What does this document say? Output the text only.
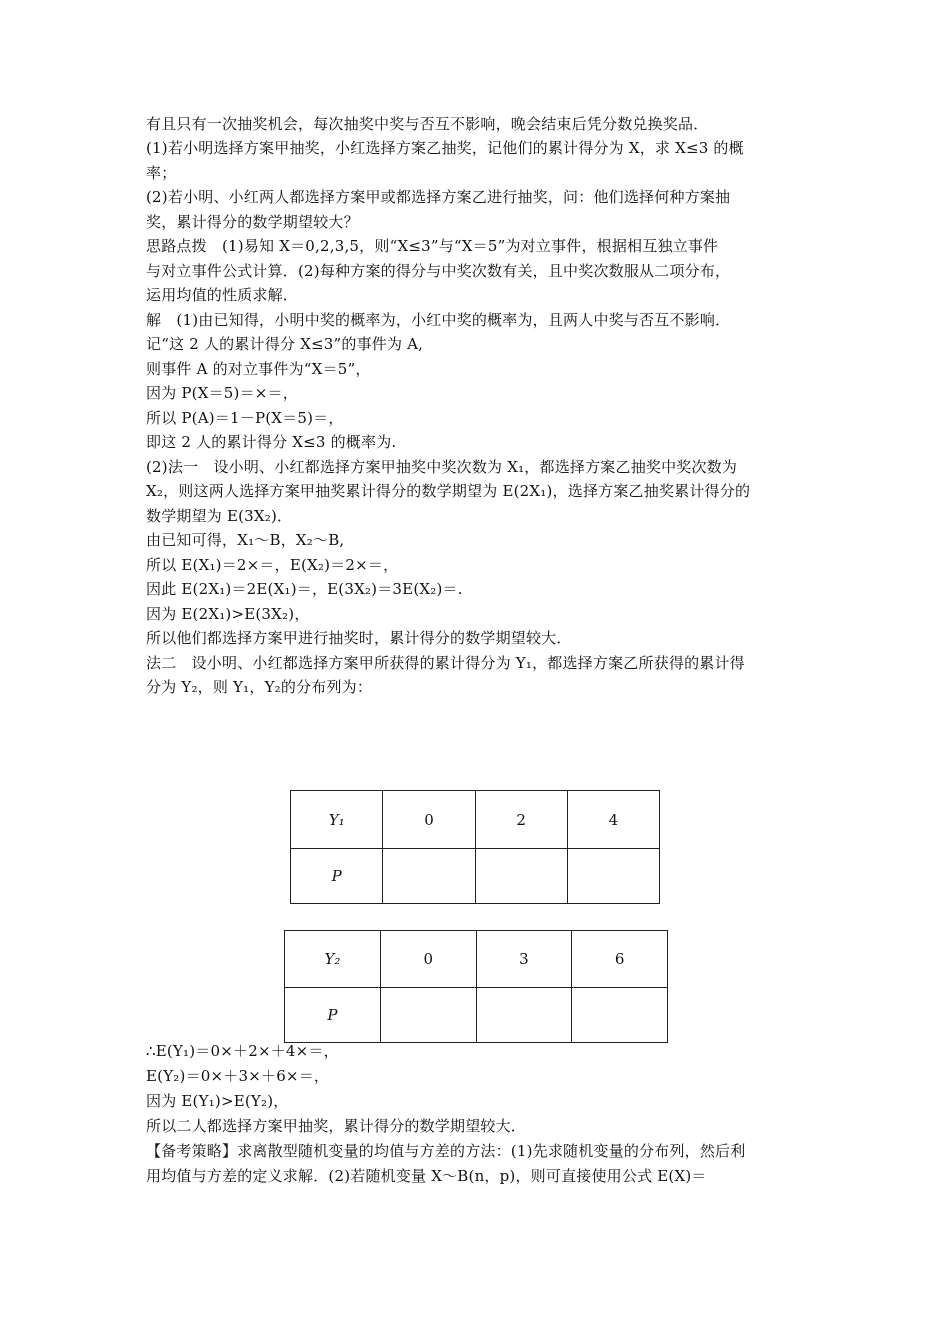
有且只有一次抽奖机会，每次抽奖中奖与否互不影响，晚会结束后凭分数兑换奖品．
(1)若小明选择方案甲抽奖，小红选择方案乙抽奖，记他们的累计得分为 X，求 X≤3 的概
率；
(2)若小明、小红两人都选择方案甲或都选择方案乙进行抽奖，问：他们选择何种方案抽
奖，累计得分的数学期望较大？
思路点拨　(1)易知 X＝0,2,3,5，则“X≤3”与“X＝5”为对立事件，根据相互独立事件
与对立事件公式计算．(2)每种方案的得分与中奖次数有关，且中奖次数服从二项分布，
运用均值的性质求解．
解　(1)由已知得，小明中奖的概率为，小红中奖的概率为，且两人中奖与否互不影响．
记“这 2 人的累计得分 X≤3”的事件为 A,
则事件 A 的对立事件为“X＝5”，
因为 P(X＝5)＝×＝，
所以 P(A)＝1－P(X＝5)＝，
即这 2 人的累计得分 X≤3 的概率为.
(2)法一　设小明、小红都选择方案甲抽奖中奖次数为 X₁，都选择方案乙抽奖中奖次数为
X₂，则这两人选择方案甲抽奖累计得分的数学期望为 E(2X₁)，选择方案乙抽奖累计得分的
数学期望为 E(3X₂)．
由已知可得，X₁～B，X₂～B,
所以 E(X₁)＝2×＝，E(X₂)＝2×＝，
因此 E(2X₁)＝2E(X₁)＝，E(3X₂)＝3E(X₂)＝.
因为 E(2X₁)>E(3X₂)，
所以他们都选择方案甲进行抽奖时，累计得分的数学期望较大．
法二　设小明、小红都选择方案甲所获得的累计得分为 Y₁，都选择方案乙所获得的累计得
分为 Y₂，则 Y₁，Y₂的分布列为：
Y₁	0	2	4
P			
Y₂	0	3	6
P			
∴E(Y₁)＝0×＋2×＋4×＝，
E(Y₂)＝0×＋3×＋6×＝，
因为 E(Y₁)>E(Y₂)，
所以二人都选择方案甲抽奖，累计得分的数学期望较大．
【备考策略】求离散型随机变量的均值与方差的方法：(1)先求随机变量的分布列，然后利
用均值与方差的定义求解．(2)若随机变量 X～B(n，p)，则可直接使用公式 E(X)＝
